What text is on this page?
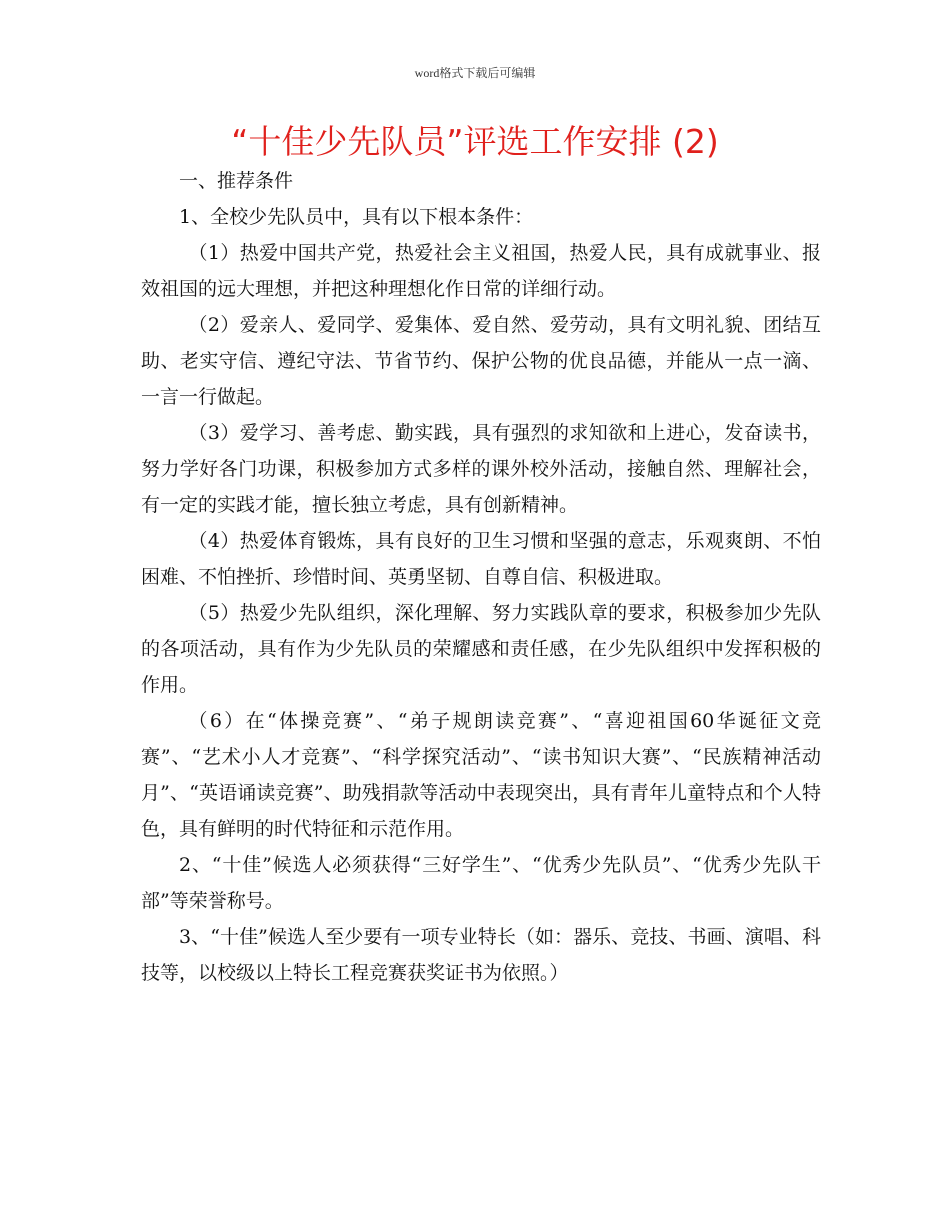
word格式下载后可编辑
“十佳少先队员”评选工作安排 (2)

一、推荐条件

1、全校少先队员中，具有以下根本条件：

（1）热爱中国共产党，热爱社会主义祖国，热爱人民，具有成就事业、报效祖国的远大理想，并把这种理想化作日常的详细行动。

（2）爱亲人、爱同学、爱集体、爱自然、爱劳动，具有文明礼貌、团结互助、老实守信、遵纪守法、节省节约、保护公物的优良品德，并能从一点一滴、一言一行做起。

（3）爱学习、善考虑、勤实践，具有强烈的求知欲和上进心，发奋读书，努力学好各门功课，积极参加方式多样的课外校外活动，接触自然、理解社会，有一定的实践才能，擅长独立考虑，具有创新精神。

（4）热爱体育锻炼，具有良好的卫生习惯和坚强的意志，乐观爽朗、不怕困难、不怕挫折、珍惜时间、英勇坚韧、自尊自信、积极进取。

（5）热爱少先队组织，深化理解、努力实践队章的要求，积极参加少先队的各项活动，具有作为少先队员的荣耀感和责任感，在少先队组织中发挥积极的作用。

（6）在“体操竞赛”、“弟子规朗读竞赛”、“喜迎祖国60华诞征文竞赛”、“艺术小人才竞赛”、“科学探究活动”、“读书知识大赛”、“民族精神活动月”、“英语诵读竞赛”、助残捐款等活动中表现突出，具有青年儿童特点和个人特色，具有鲜明的时代特征和示范作用。

2、“十佳”候选人必须获得“三好学生”、“优秀少先队员”、“优秀少先队干部”等荣誉称号。

3、“十佳”候选人至少要有一项专业特长（如：器乐、竞技、书画、演唱、科技等，以校级以上特长工程竞赛获奖证书为依照。）
